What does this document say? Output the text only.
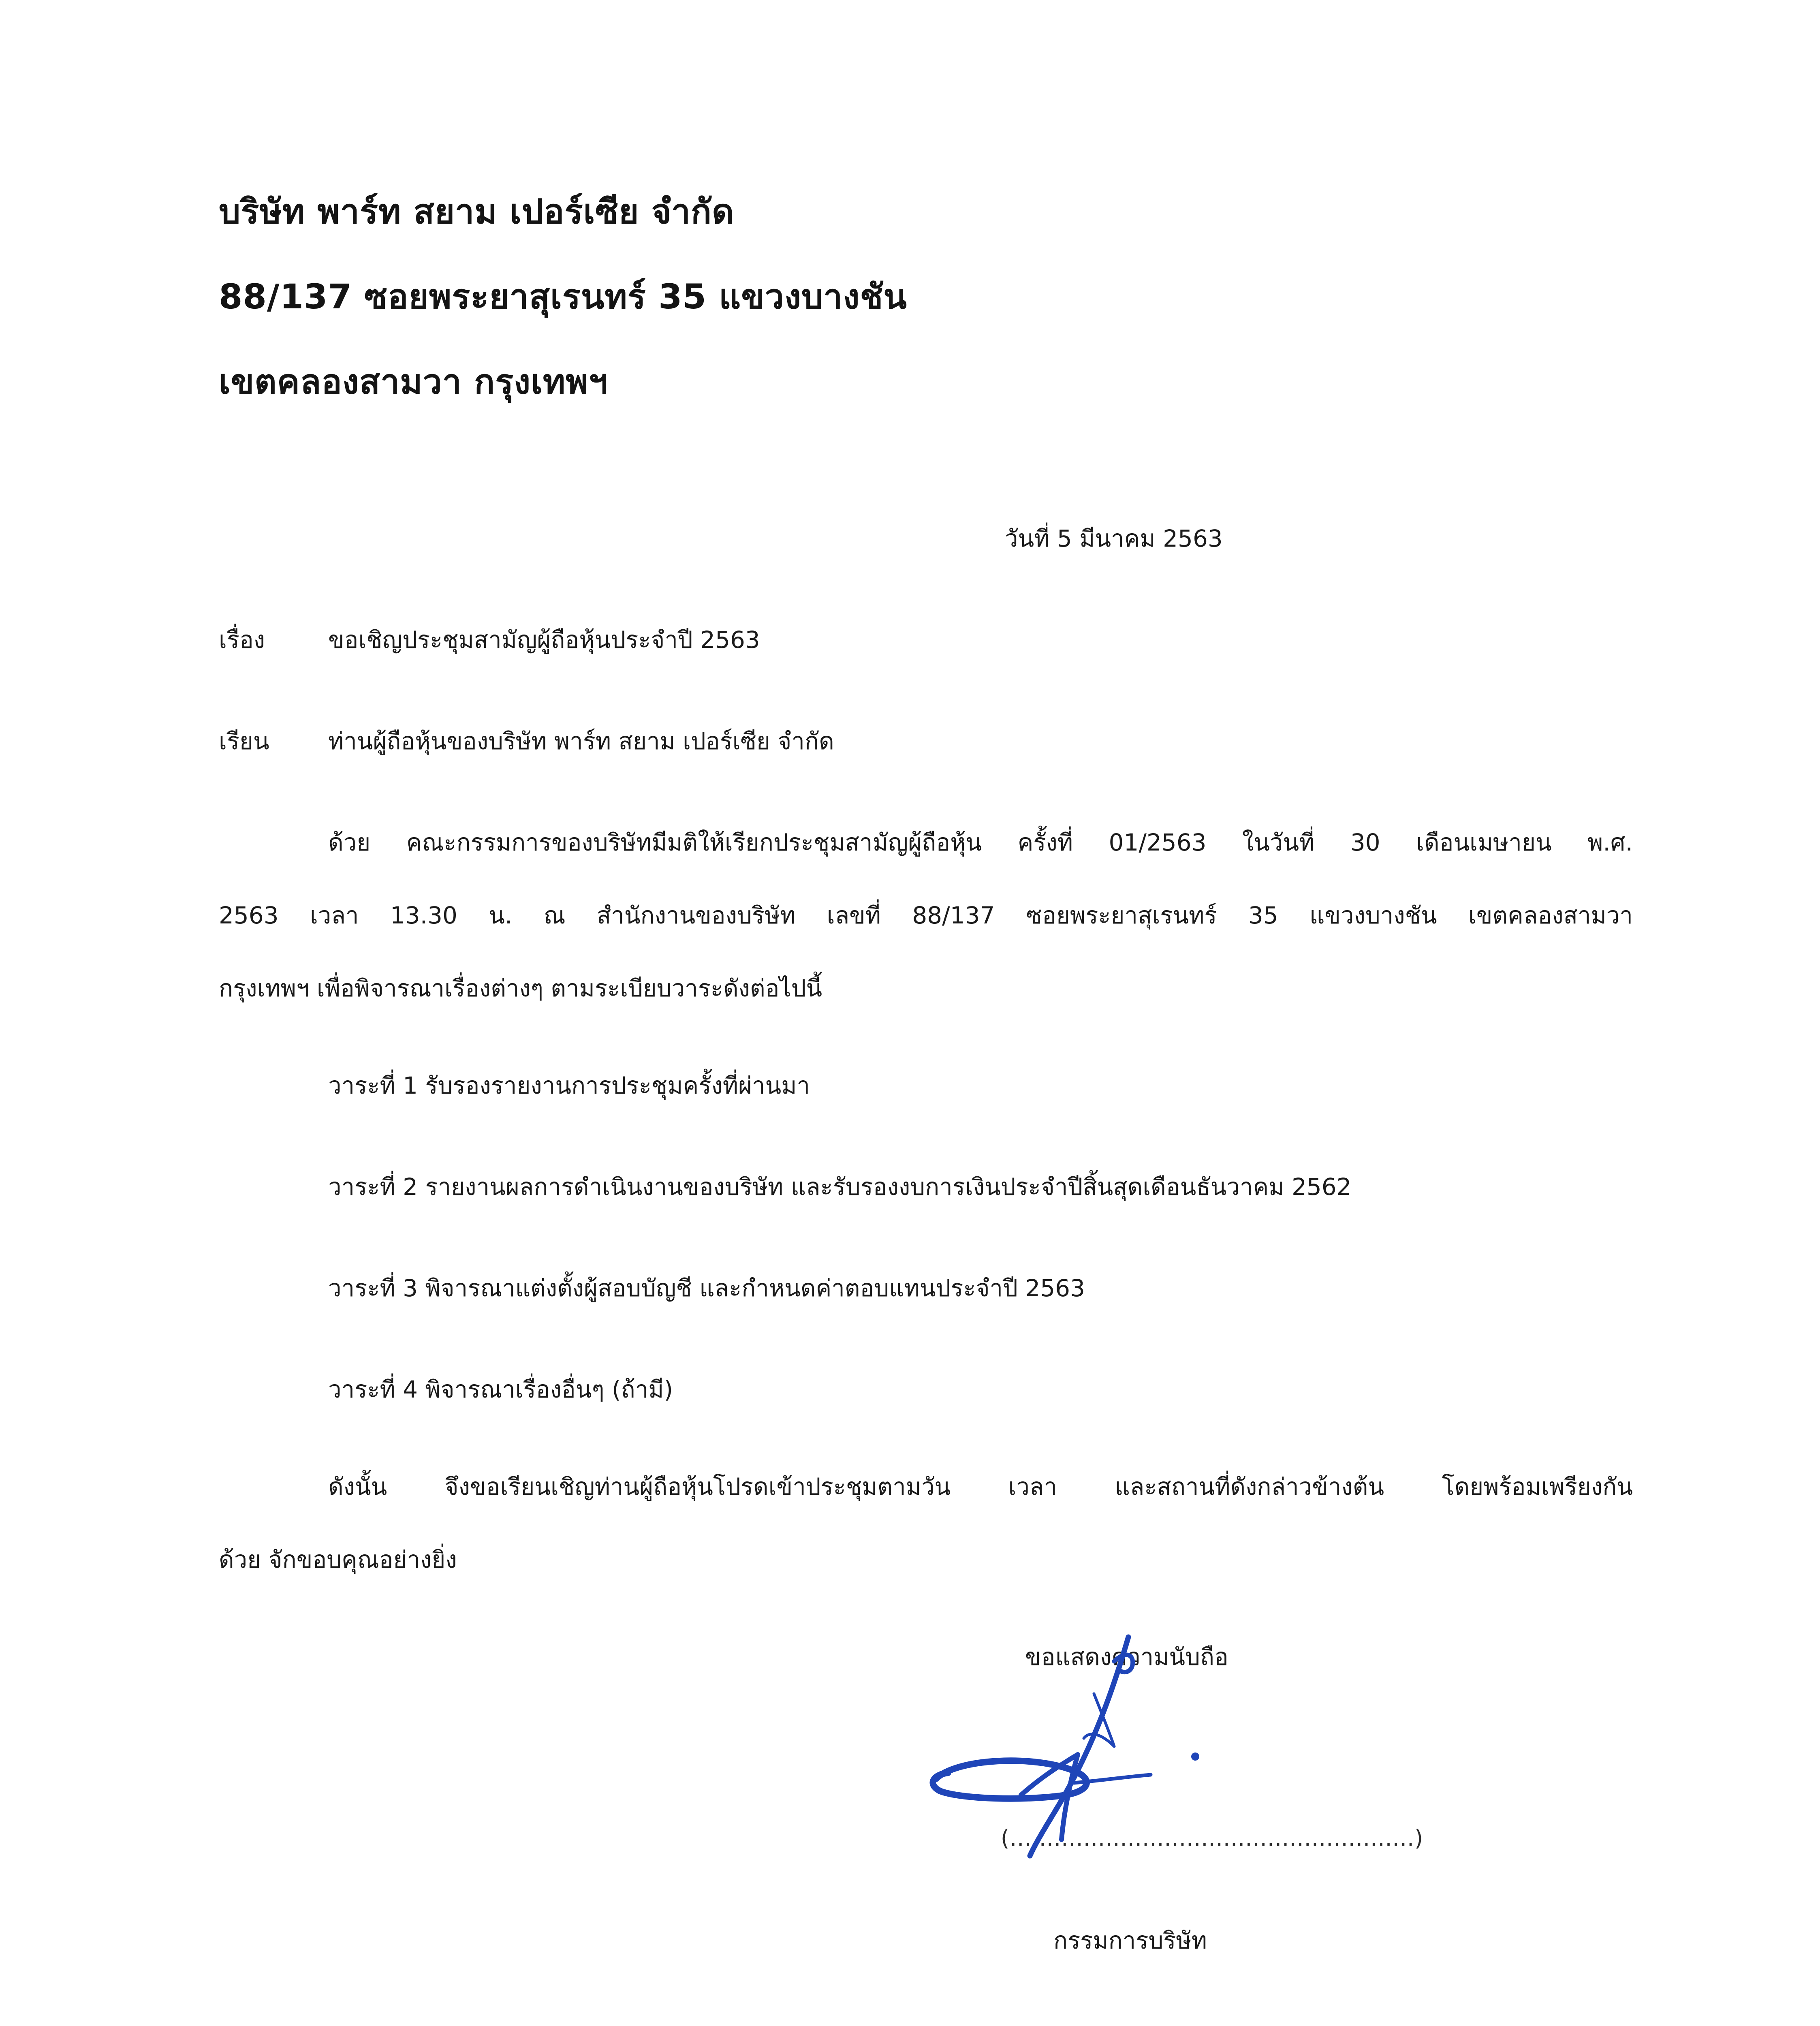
บริษัท พาร์ท สยาม เปอร์เซีย จำกัด
88/137 ซอยพระยาสุเรนทร์ 35 แขวงบางชัน
เขตคลองสามวา กรุงเทพฯ
วันที่ 5 มีนาคม 2563
เรื่อง	ขอเชิญประชุมสามัญผู้ถือหุ้นประจำปี 2563
เรียน	ท่านผู้ถือหุ้นของบริษัท พาร์ท สยาม เปอร์เซีย จำกัด
ด้วย คณะกรรมการของบริษัทมีมติให้เรียกประชุมสามัญผู้ถือหุ้น ครั้งที่ 01/2563 ในวันที่ 30 เดือนเมษายน พ.ศ.
2563 เวลา 13.30 น. ณ สำนักงานของบริษัท เลขที่ 88/137 ซอยพระยาสุเรนทร์ 35 แขวงบางชัน เขตคลองสามวา
กรุงเทพฯ เพื่อพิจารณาเรื่องต่างๆ ตามระเบียบวาระดังต่อไปนี้
วาระที่ 1 รับรองรายงานการประชุมครั้งที่ผ่านมา
วาระที่ 2 รายงานผลการดำเนินงานของบริษัท และรับรองงบการเงินประจำปีสิ้นสุดเดือนธันวาคม 2562
วาระที่ 3 พิจารณาแต่งตั้งผู้สอบบัญชี และกำหนดค่าตอบแทนประจำปี 2563
วาระที่ 4 พิจารณาเรื่องอื่นๆ (ถ้ามี)
ดังนั้น จึงขอเรียนเชิญท่านผู้ถือหุ้นโปรดเข้าประชุมตามวัน เวลา และสถานที่ดังกล่าวข้างต้น โดยพร้อมเพรียงกัน
ด้วย จักขอบคุณอย่างยิ่ง
ขอแสดงความนับถือ
(.......................................................)
กรรมการบริษัท
